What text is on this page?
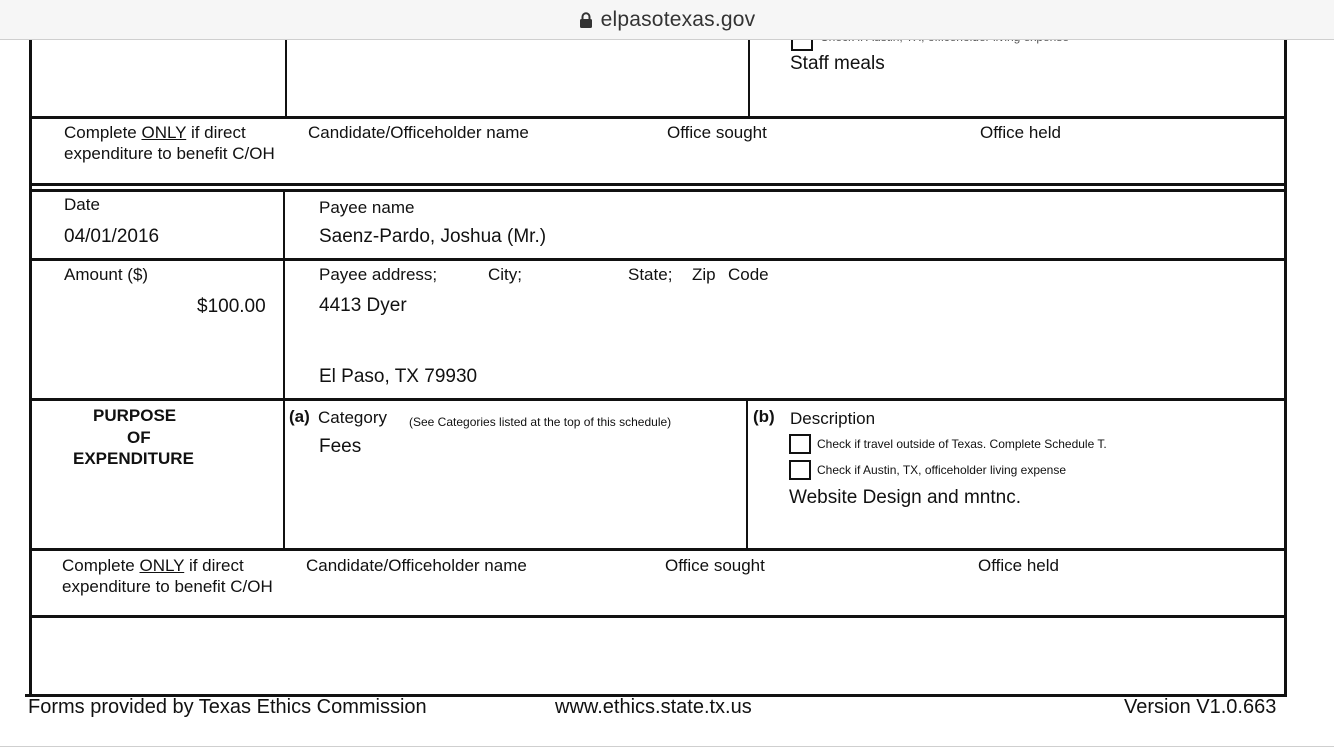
Staff meals
Complete ONLY if direct
expenditure to benefit C/OH
Candidate/Officeholder name	Office sought	Office held
Date
04/01/2016
Payee name
Saenz-Pardo, Joshua (Mr.)
Amount ($)
$100.00
Payee address;	City;	State; Zip Code
4413 Dyer
El Paso, TX 79930
PURPOSE
OF
EXPENDITURE
(a) Category (See Categories listed at the top of this schedule)
Fees
(b) Description
Check if travel outside of Texas. Complete Schedule T.
Check if Austin, TX, officeholder living expense
Website Design and mntnc.
Complete ONLY if direct
expenditure to benefit C/OH
Candidate/Officeholder name	Office sought	Office held
Forms provided by Texas Ethics Commission	www.ethics.state.tx.us	Version V1.0.663
elpasotexas.gov
